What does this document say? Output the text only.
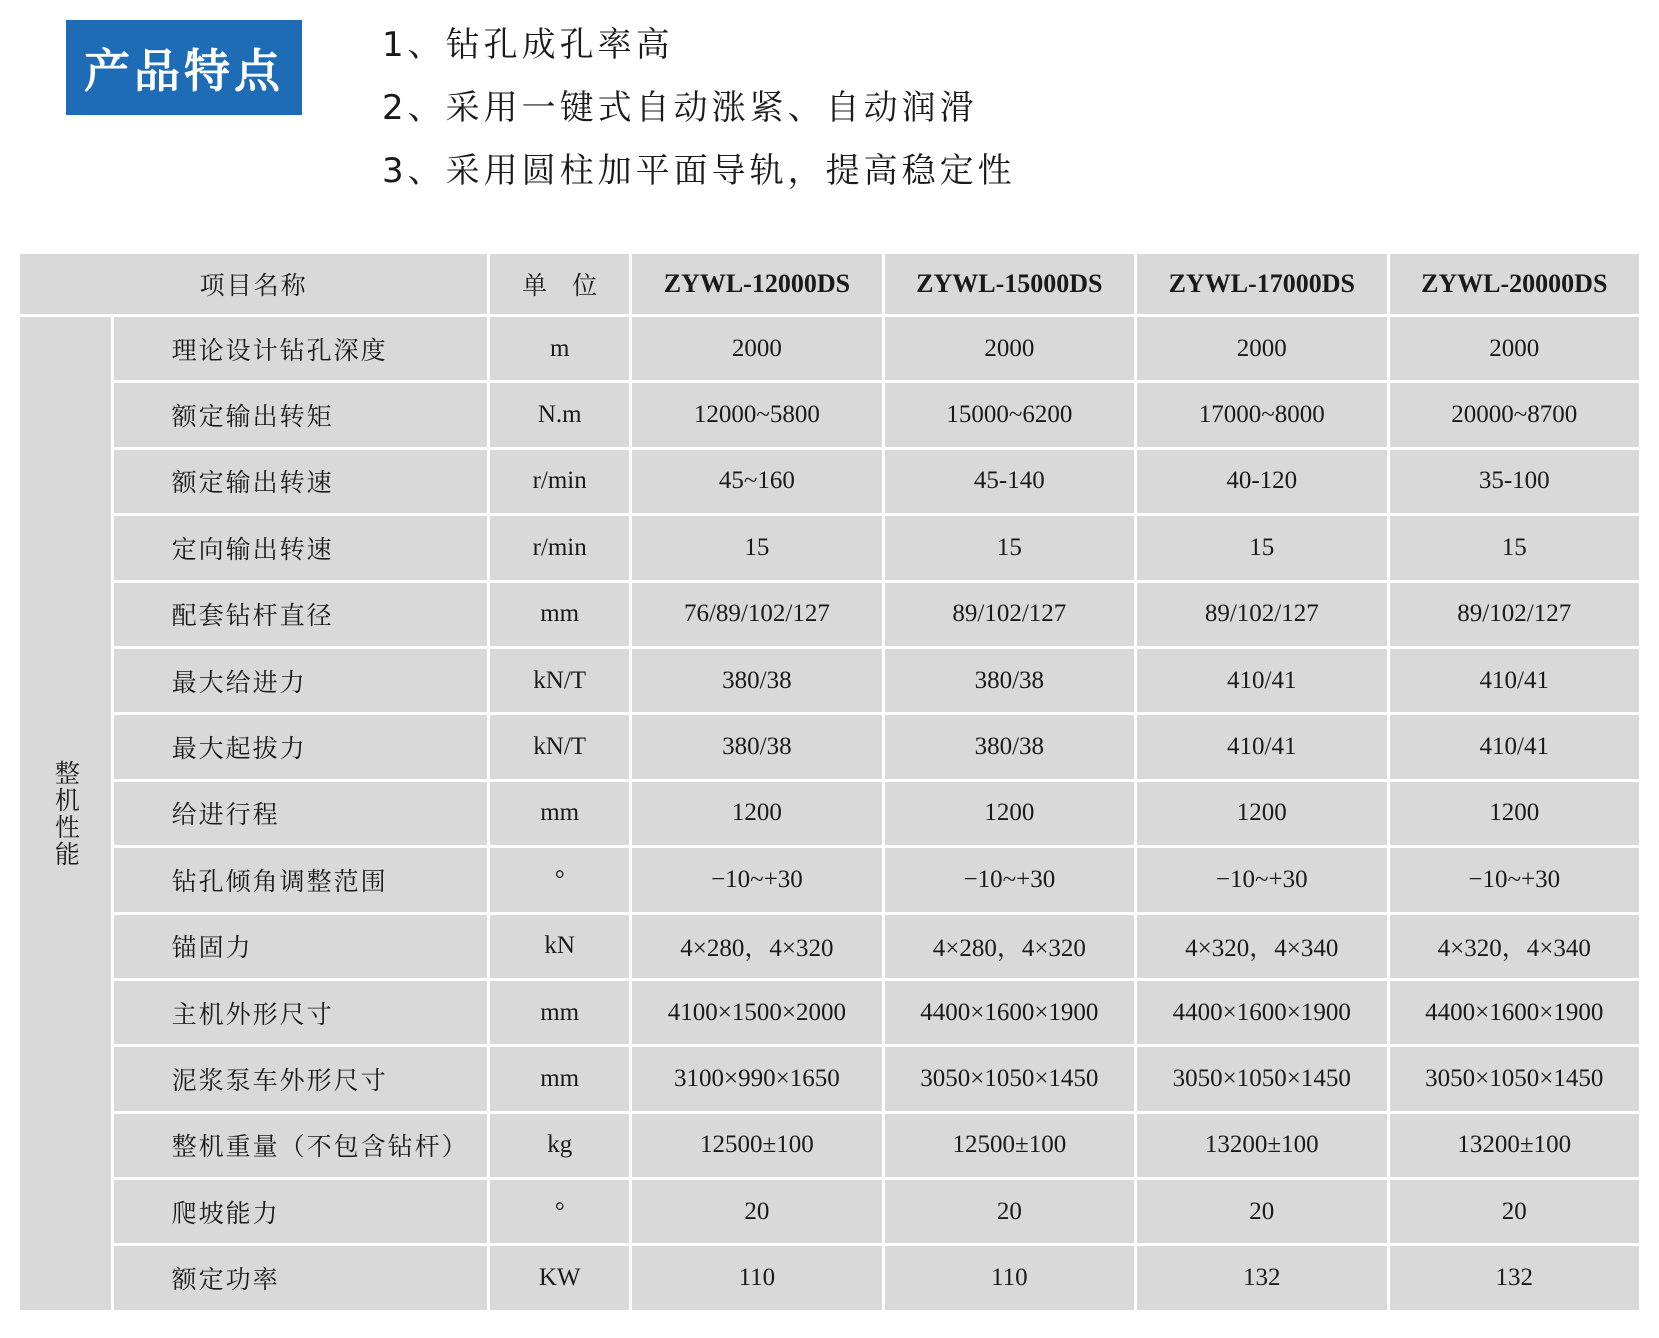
产品特点	1、钻孔成孔率高
2、采用一键式自动涨紧、自动润滑
3、采用圆柱加平面导轨，提高稳定性
项目名称		单　位	ZYWL-12000DS	ZYWL-15000DS	ZYWL-17000DS	ZYWL-20000DS
整机性能	理论设计钻孔深度	m	2000	2000	2000	2000
	额定输出转矩	N.m	12000~5800	15000~6200	17000~8000	20000~8700
	额定输出转速	r/min	45~160	45-140	40-120	35-100
	定向输出转速	r/min	15	15	15	15
	配套钻杆直径	mm	76/89/102/127	89/102/127	89/102/127	89/102/127
	最大给进力	kN/T	380/38	380/38	410/41	410/41
	最大起拔力	kN/T	380/38	380/38	410/41	410/41
	给进行程	mm	1200	1200	1200	1200
	钻孔倾角调整范围	°	−10~+30	−10~+30	−10~+30	−10~+30
	锚固力	kN	4×280，4×320	4×280，4×320	4×320，4×340	4×320，4×340
	主机外形尺寸	mm	4100×1500×2000	4400×1600×1900	4400×1600×1900	4400×1600×1900
	泥浆泵车外形尺寸	mm	3100×990×1650	3050×1050×1450	3050×1050×1450	3050×1050×1450
	整机重量（不包含钻杆）	kg	12500±100	12500±100	13200±100	13200±100
	爬坡能力	°	20	20	20	20
	额定功率	KW	110	110	132	132
